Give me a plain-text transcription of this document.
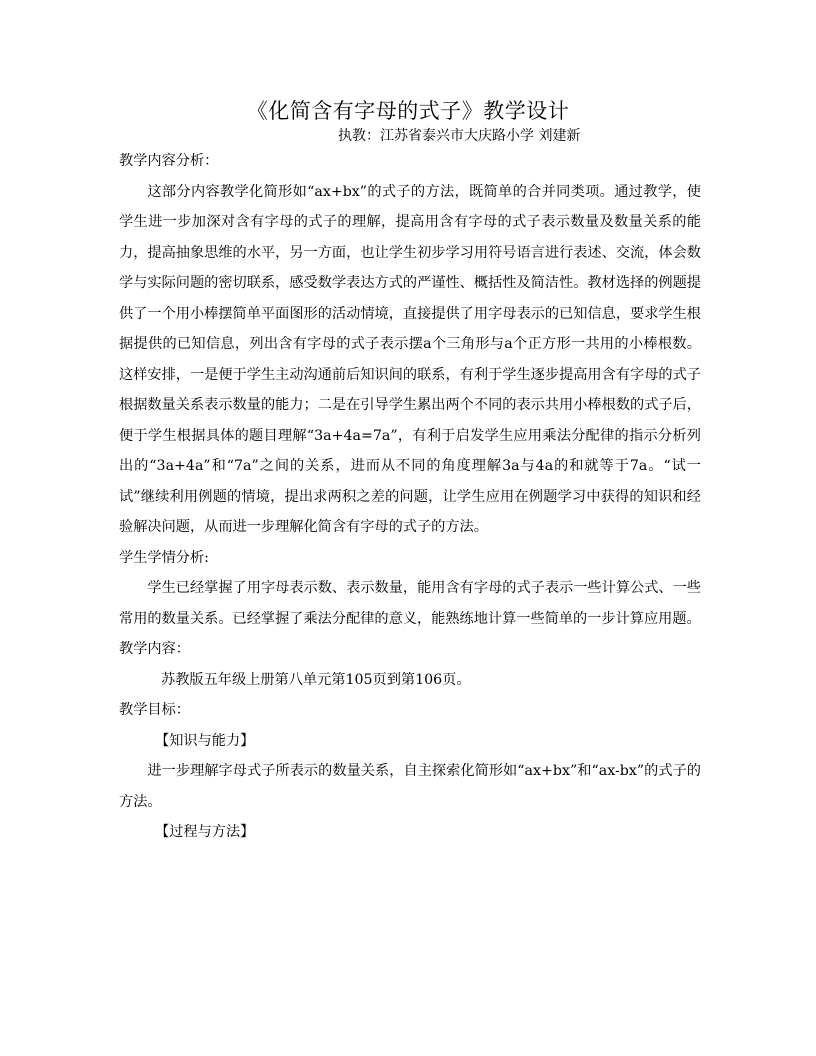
《化简含有字母的式子》教学设计
执教：江苏省泰兴市大庆路小学 刘建新

教学内容分析：

这部分内容教学化简形如“ax+bx”的式子的方法，既简单的合并同类项。通过教学，使学生进一步加深对含有字母的式子的理解，提高用含有字母的式子表示数量及数量关系的能力，提高抽象思维的水平，另一方面，也让学生初步学习用符号语言进行表述、交流，体会数学与实际问题的密切联系，感受数学表达方式的严谨性、概括性及简洁性。教材选择的例题提供了一个用小棒摆简单平面图形的活动情境，直接提供了用字母表示的已知信息，要求学生根据提供的已知信息，列出含有字母的式子表示摆a个三角形与a个正方形一共用的小棒根数。这样安排，一是便于学生主动沟通前后知识间的联系，有利于学生逐步提高用含有字母的式子根据数量关系表示数量的能力；二是在引导学生累出两个不同的表示共用小棒根数的式子后，便于学生根据具体的题目理解“3a+4a=7a”，有利于启发学生应用乘法分配律的指示分析列出的“3a+4a”和“7a”之间的关系，进而从不同的角度理解3a与4a的和就等于7a。“试一试”继续利用例题的情境，提出求两积之差的问题，让学生应用在例题学习中获得的知识和经验解决问题，从而进一步理解化简含有字母的式子的方法。

学生学情分析:

学生已经掌握了用字母表示数、表示数量，能用含有字母的式子表示一些计算公式、一些常用的数量关系。已经掌握了乘法分配律的意义，能熟练地计算一些简单的一步计算应用题。

教学内容：

苏教版五年级上册第八单元第105页到第106页。

教学目标：

【知识与能力】

进一步理解字母式子所表示的数量关系，自主探索化简形如“ax+bx”和“ax-bx”的式子的方法。

【过程与方法】
